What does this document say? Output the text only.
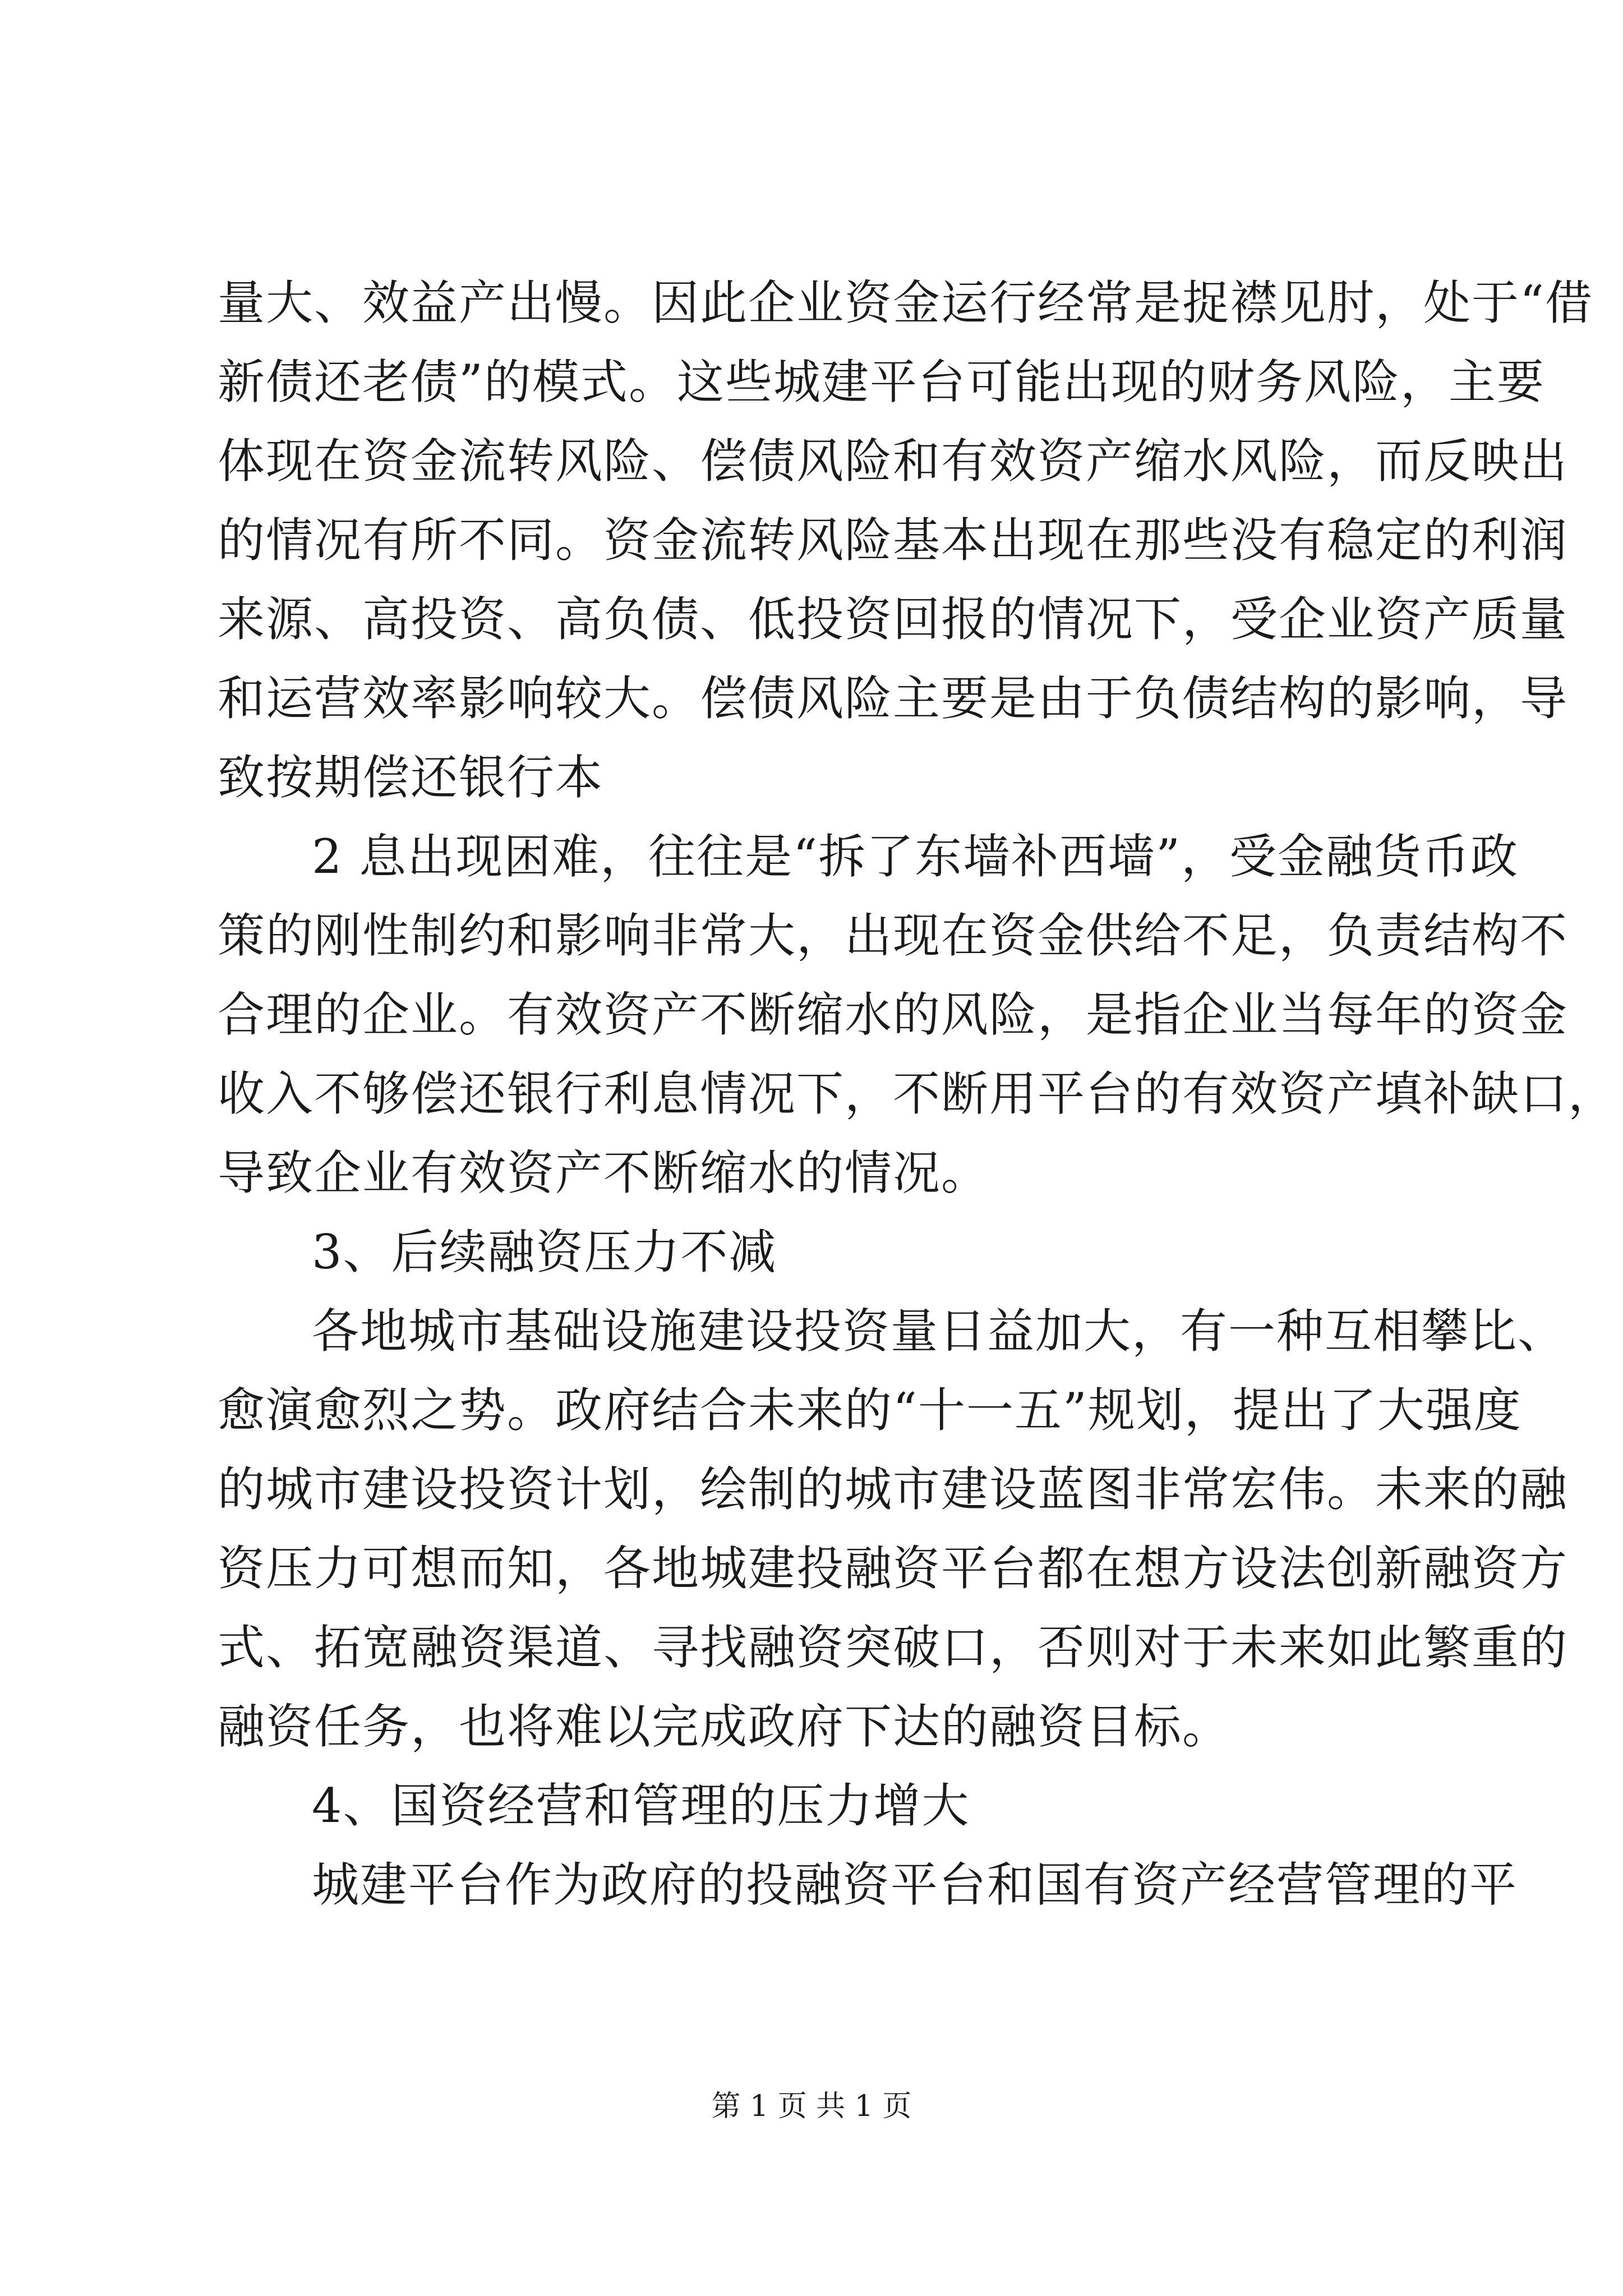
量大、效益产出慢。因此企业资金运行经常是捉襟见肘，处于“借
新债还老债”的模式。这些城建平台可能出现的财务风险，主要
体现在资金流转风险、偿债风险和有效资产缩水风险，而反映出
的情况有所不同。资金流转风险基本出现在那些没有稳定的利润
来源、高投资、高负债、低投资回报的情况下，受企业资产质量
和运营效率影响较大。偿债风险主要是由于负债结构的影响，导
致按期偿还银行本
2 息出现困难，往往是“拆了东墙补西墙”，受金融货币政
策的刚性制约和影响非常大，出现在资金供给不足，负责结构不
合理的企业。有效资产不断缩水的风险，是指企业当每年的资金
收入不够偿还银行利息情况下，不断用平台的有效资产填补缺口，
导致企业有效资产不断缩水的情况。
3、后续融资压力不减
各地城市基础设施建设投资量日益加大，有一种互相攀比、
愈演愈烈之势。政府结合未来的“十一五”规划，提出了大强度
的城市建设投资计划，绘制的城市建设蓝图非常宏伟。未来的融
资压力可想而知，各地城建投融资平台都在想方设法创新融资方
式、拓宽融资渠道、寻找融资突破口，否则对于未来如此繁重的
融资任务，也将难以完成政府下达的融资目标。
4、国资经营和管理的压力增大
城建平台作为政府的投融资平台和国有资产经营管理的平
第 1 页 共 1 页
